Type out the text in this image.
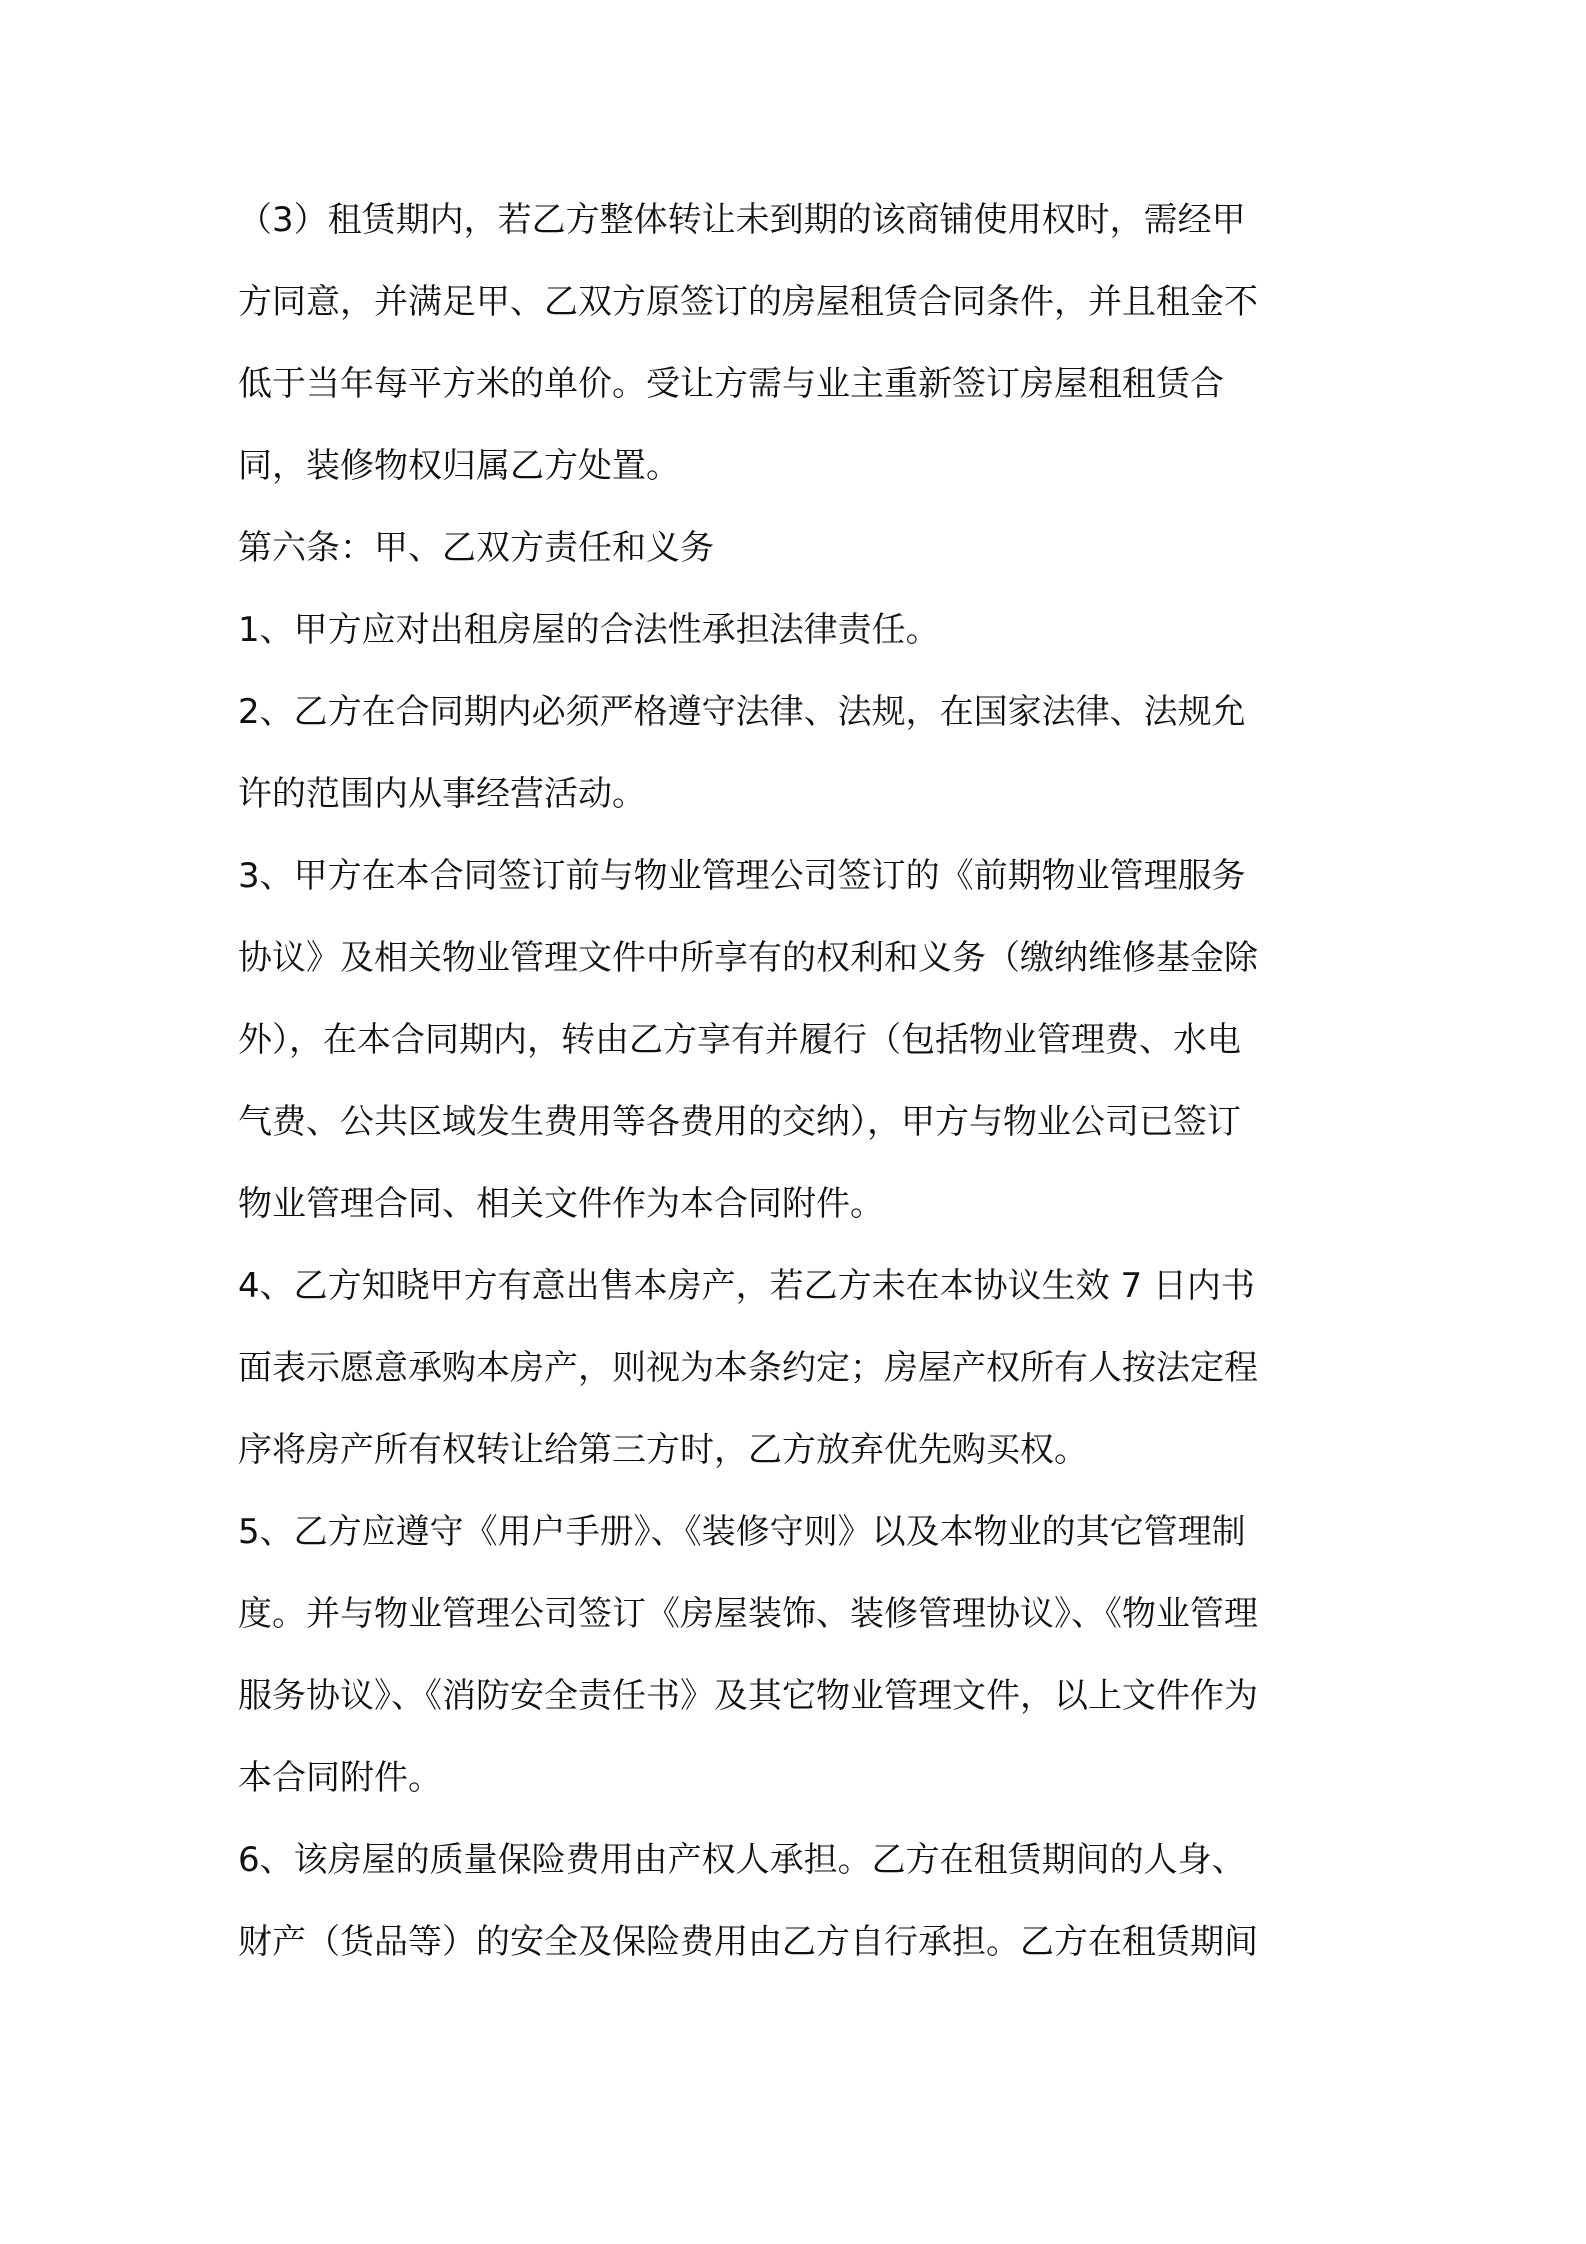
（3）租赁期内，若乙方整体转让未到期的该商铺使用权时，需经甲
方同意，并满足甲、乙双方原签订的房屋租赁合同条件，并且租金不
低于当年每平方米的单价。受让方需与业主重新签订房屋租租赁合
同，装修物权归属乙方处置。
第六条：甲、乙双方责任和义务
1、甲方应对出租房屋的合法性承担法律责任。
2、乙方在合同期内必须严格遵守法律、法规，在国家法律、法规允
许的范围内从事经营活动。
3、甲方在本合同签订前与物业管理公司签订的《前期物业管理服务
协议》及相关物业管理文件中所享有的权利和义务（缴纳维修基金除
外），在本合同期内，转由乙方享有并履行（包括物业管理费、水电
气费、公共区域发生费用等各费用的交纳），甲方与物业公司已签订
物业管理合同、相关文件作为本合同附件。
4、乙方知晓甲方有意出售本房产，若乙方未在本协议生效 7 日内书
面表示愿意承购本房产，则视为本条约定；房屋产权所有人按法定程
序将房产所有权转让给第三方时，乙方放弃优先购买权。
5、乙方应遵守《用户手册》、《装修守则》以及本物业的其它管理制
度。并与物业管理公司签订《房屋装饰、装修管理协议》、《物业管理
服务协议》、《消防安全责任书》及其它物业管理文件，以上文件作为
本合同附件。
6、该房屋的质量保险费用由产权人承担。乙方在租赁期间的人身、
财产（货品等）的安全及保险费用由乙方自行承担。乙方在租赁期间
